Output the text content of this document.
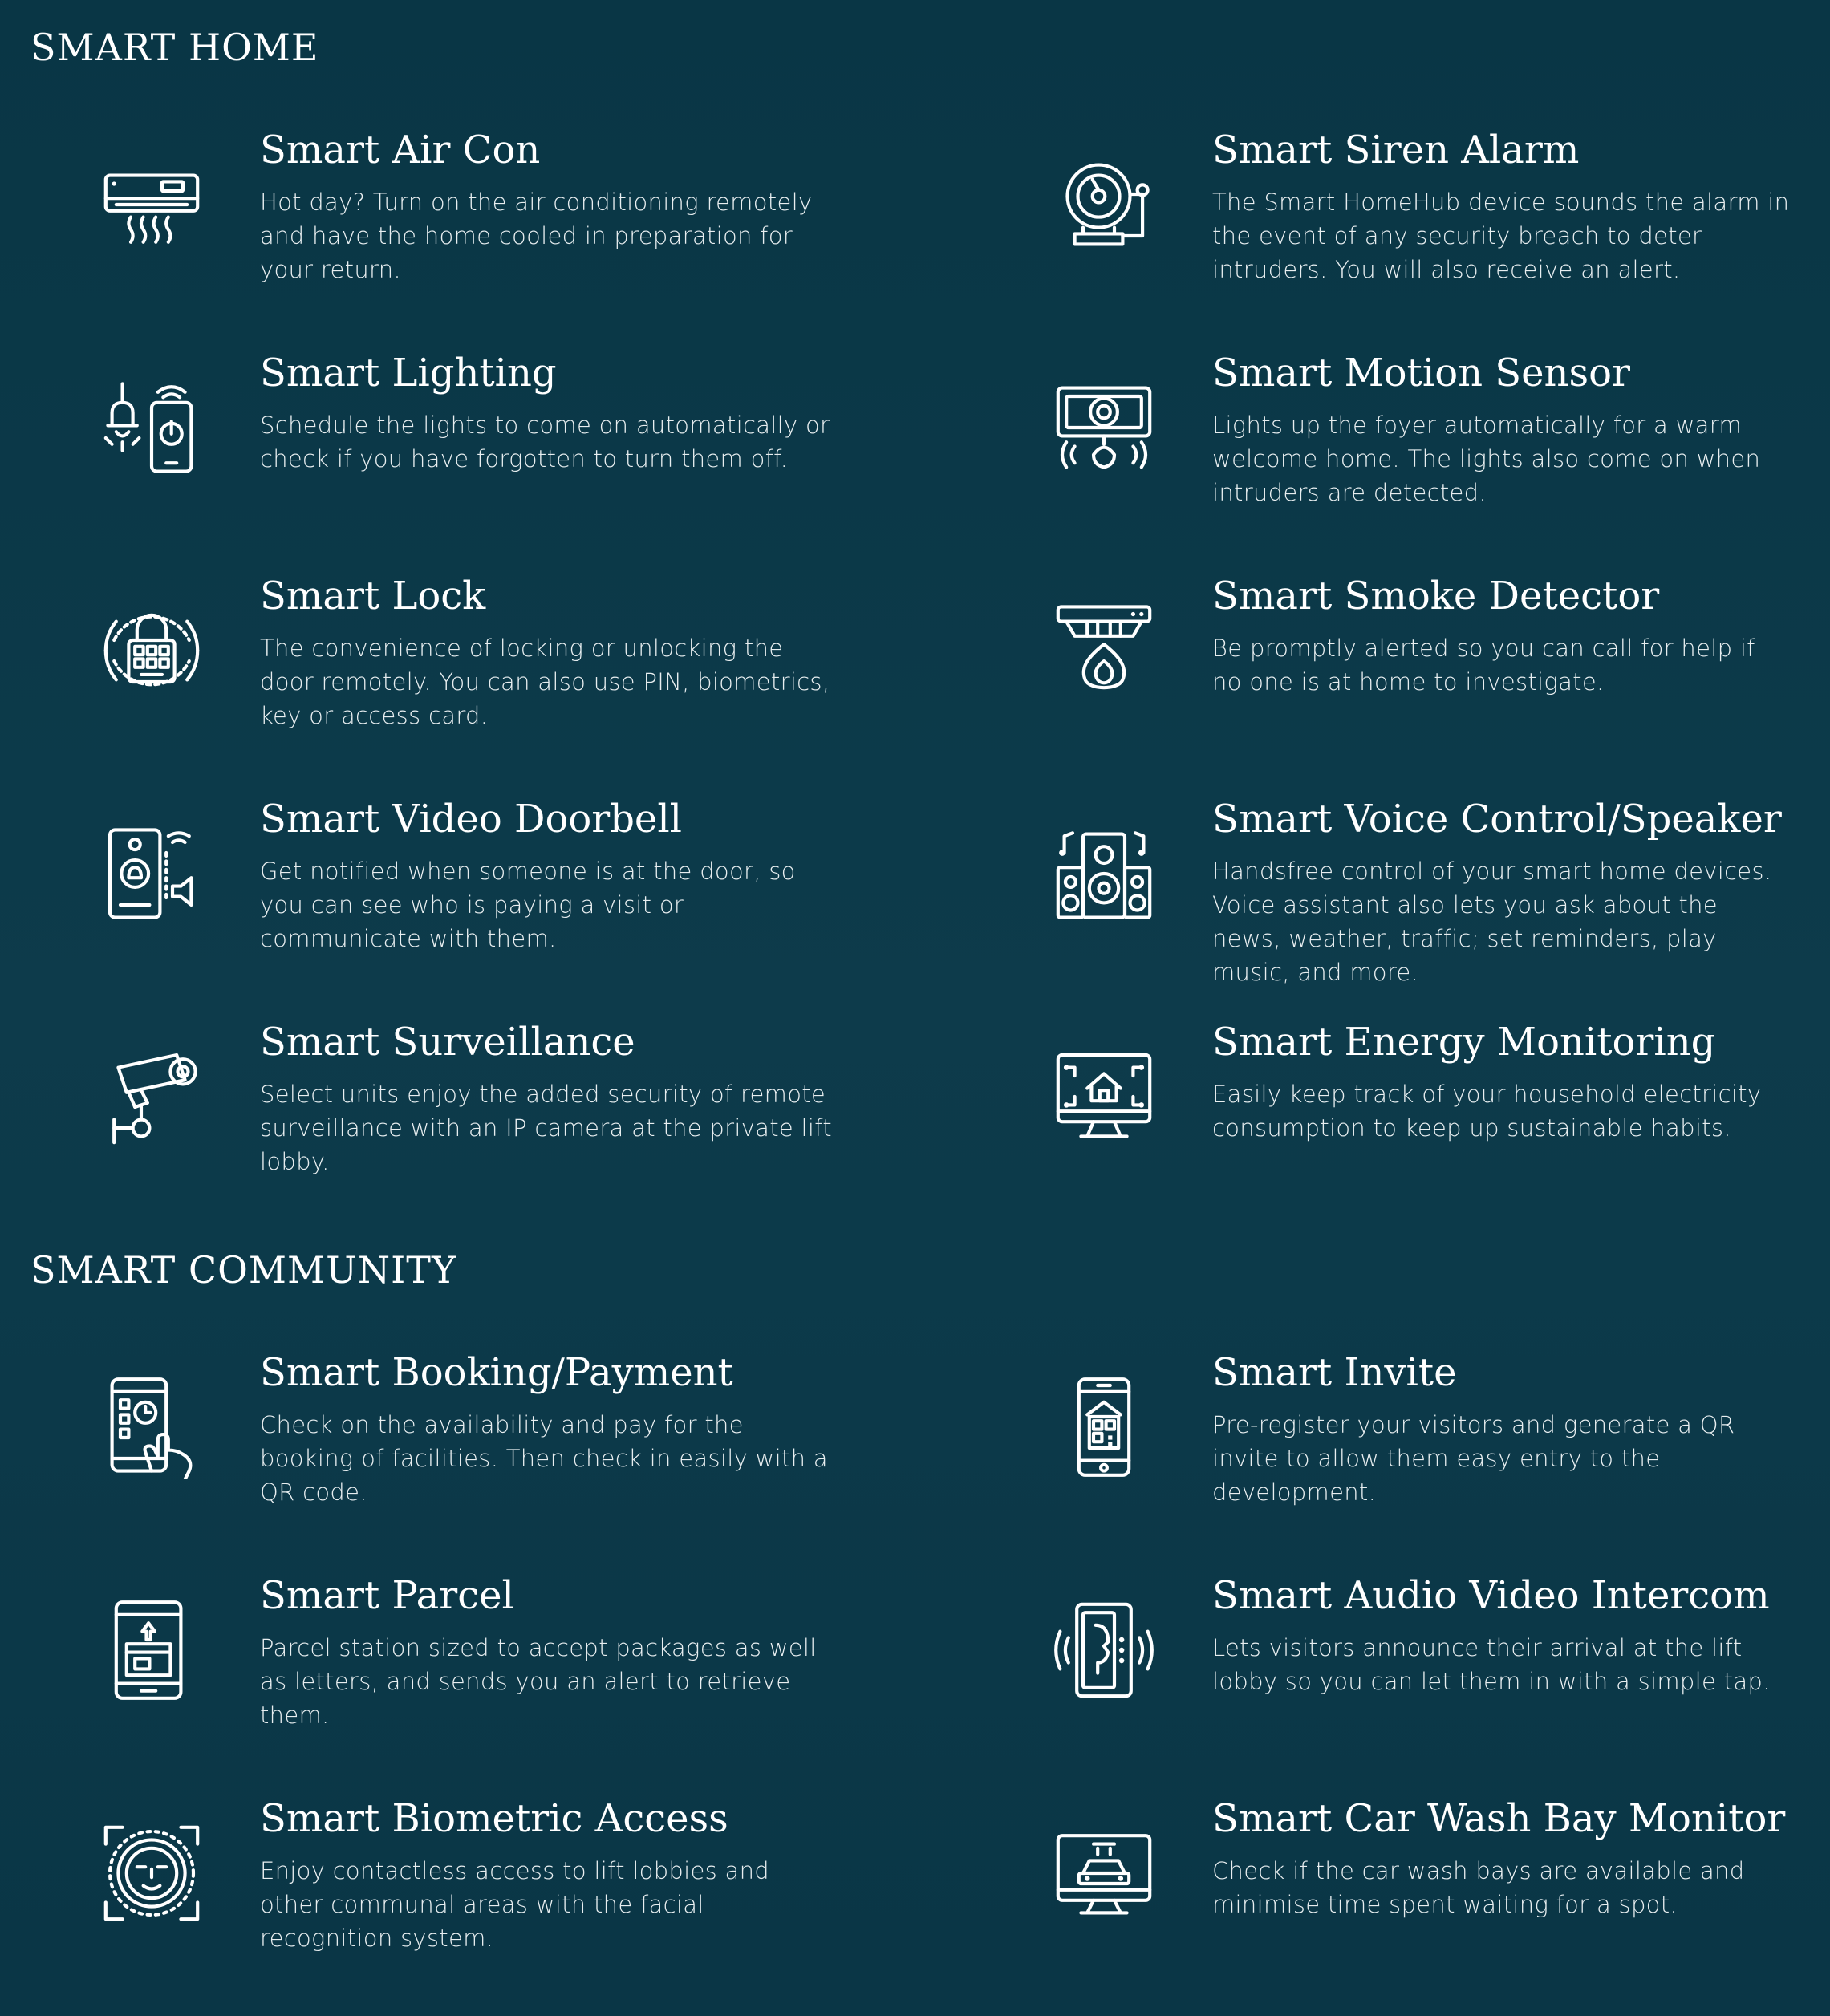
SMART HOME
Smart Air Con

Hot day? Turn on the air conditioning remotely and have the home cooled in preparation for your return.

Smart Siren Alarm

The Smart HomeHub device sounds the alarm in the event of any security breach to deter intruders. You will also receive an alert.

Smart Lighting

Schedule the lights to come on automatically or check if you have forgotten to turn them off.

Smart Motion Sensor

Lights up the foyer automatically for a warm welcome home. The lights also come on when intruders are detected.

Smart Lock

The convenience of locking or unlocking the door remotely. You can also use PIN, biometrics, key or access card.

Smart Smoke Detector

Be promptly alerted so you can call for help if no one is at home to investigate.

Smart Video Doorbell

Get notified when someone is at the door, so you can see who is paying a visit or communicate with them.

Smart Voice Control/Speaker

Handsfree control of your smart home devices. Voice assistant also lets you ask about the news, weather, traffic; set reminders, play music, and more.

Smart Surveillance

Select units enjoy the added security of remote surveillance with an IP camera at the private lift lobby.

Smart Energy Monitoring

Easily keep track of your household electricity consumption to keep up sustainable habits.

SMART COMMUNITY
Smart Booking/Payment

Check on the availability and pay for the booking of facilities. Then check in easily with a QR code.

Smart Invite

Pre-register your visitors and generate a QR invite to allow them easy entry to the development.

Smart Parcel

Parcel station sized to accept packages as well as letters, and sends you an alert to retrieve them.

Smart Audio Video Intercom

Lets visitors announce their arrival at the lift lobby so you can let them in with a simple tap.

Smart Biometric Access

Enjoy contactless access to lift lobbies and other communal areas with the facial recognition system.

Smart Car Wash Bay Monitor

Check if the car wash bays are available and minimise time spent waiting for a spot.
